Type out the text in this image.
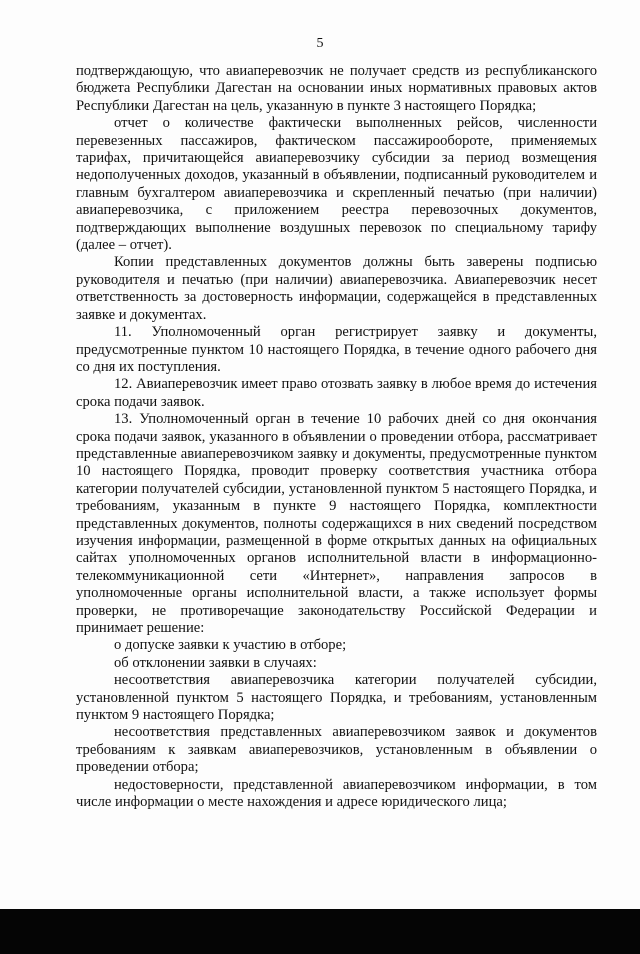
5

подтверждающую, что авиаперевозчик не получает средств из республиканского бюджета Республики Дагестан на основании иных нормативных правовых актов Республики Дагестан на цель, указанную в пункте 3 настоящего Порядка;

отчет о количестве фактически выполненных рейсов, численности перевезенных пассажиров, фактическом пассажирообороте, применяемых тарифах, причитающейся авиаперевозчику субсидии за период возмещения недополученных доходов, указанный в объявлении, подписанный руководителем и главным бухгалтером авиаперевозчика и скрепленный печатью (при наличии) авиаперевозчика, с приложением реестра перевозочных документов, подтверждающих выполнение воздушных перевозок по специальному тарифу (далее – отчет).

Копии представленных документов должны быть заверены подписью руководителя и печатью (при наличии) авиаперевозчика. Авиаперевозчик несет ответственность за достоверность информации, содержащейся в представленных заявке и документах.

11. Уполномоченный орган регистрирует заявку и документы, предусмотренные пунктом 10 настоящего Порядка, в течение одного рабочего дня со дня их поступления.

12. Авиаперевозчик имеет право отозвать заявку в любое время до истечения срока подачи заявок.

13. Уполномоченный орган в течение 10 рабочих дней со дня окончания срока подачи заявок, указанного в объявлении о проведении отбора, рассматривает представленные авиаперевозчиком заявку и документы, предусмотренные пунктом 10 настоящего Порядка, проводит проверку соответствия участника отбора категории получателей субсидии, установленной пунктом 5 настоящего Порядка, и требованиям, указанным в пункте 9 настоящего Порядка, комплектности представленных документов, полноты содержащихся в них сведений посредством изучения информации, размещенной в форме открытых данных на официальных сайтах уполномоченных органов исполнительной власти в информационно-телекоммуникационной сети «Интернет», направления запросов в уполномоченные органы исполнительной власти, а также использует формы проверки, не противоречащие законодательству Российской Федерации и принимает решение:

о допуске заявки к участию в отборе;

об отклонении заявки в случаях:

несоответствия авиаперевозчика категории получателей субсидии, установленной пунктом 5 настоящего Порядка, и требованиям, установленным пунктом 9 настоящего Порядка;

несоответствия представленных авиаперевозчиком заявок и документов требованиям к заявкам авиаперевозчиков, установленным в объявлении о проведении отбора;

недостоверности, представленной авиаперевозчиком информации, в том числе информации о месте нахождения и адресе юридического лица;
